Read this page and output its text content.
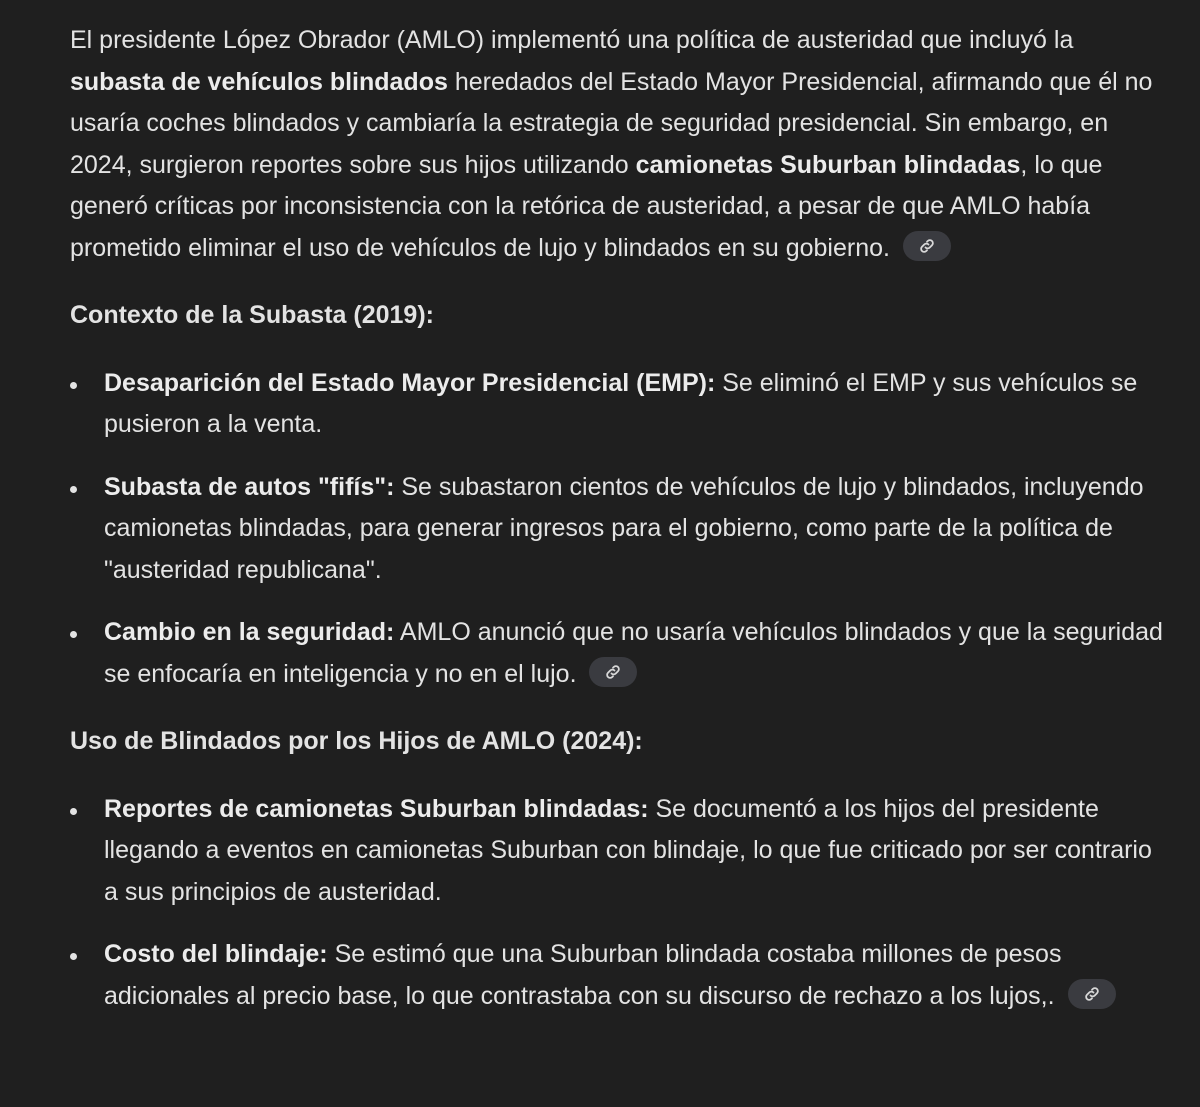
El presidente López Obrador (AMLO) implementó una política de austeridad que incluyó la subasta de vehículos blindados heredados del Estado Mayor Presidencial, afirmando que él no usaría coches blindados y cambiaría la estrategia de seguridad presidencial. Sin embargo, en 2024, surgieron reportes sobre sus hijos utilizando camionetas Suburban blindadas, lo que generó críticas por inconsistencia con la retórica de austeridad, a pesar de que AMLO había prometido eliminar el uso de vehículos de lujo y blindados en su gobierno.

Contexto de la Subasta (2019):

Desaparición del Estado Mayor Presidencial (EMP): Se eliminó el EMP y sus vehículos se pusieron a la venta.
Subasta de autos "fifís": Se subastaron cientos de vehículos de lujo y blindados, incluyendo camionetas blindadas, para generar ingresos para el gobierno, como parte de la política de "austeridad republicana".
Cambio en la seguridad: AMLO anunció que no usaría vehículos blindados y que la seguridad se enfocaría en inteligencia y no en el lujo.

Uso de Blindados por los Hijos de AMLO (2024):

Reportes de camionetas Suburban blindadas: Se documentó a los hijos del presidente llegando a eventos en camionetas Suburban con blindaje, lo que fue criticado por ser contrario a sus principios de austeridad.
Costo del blindaje: Se estimó que una Suburban blindada costaba millones de pesos adicionales al precio base, lo que contrastaba con su discurso de rechazo a los lujos,.
